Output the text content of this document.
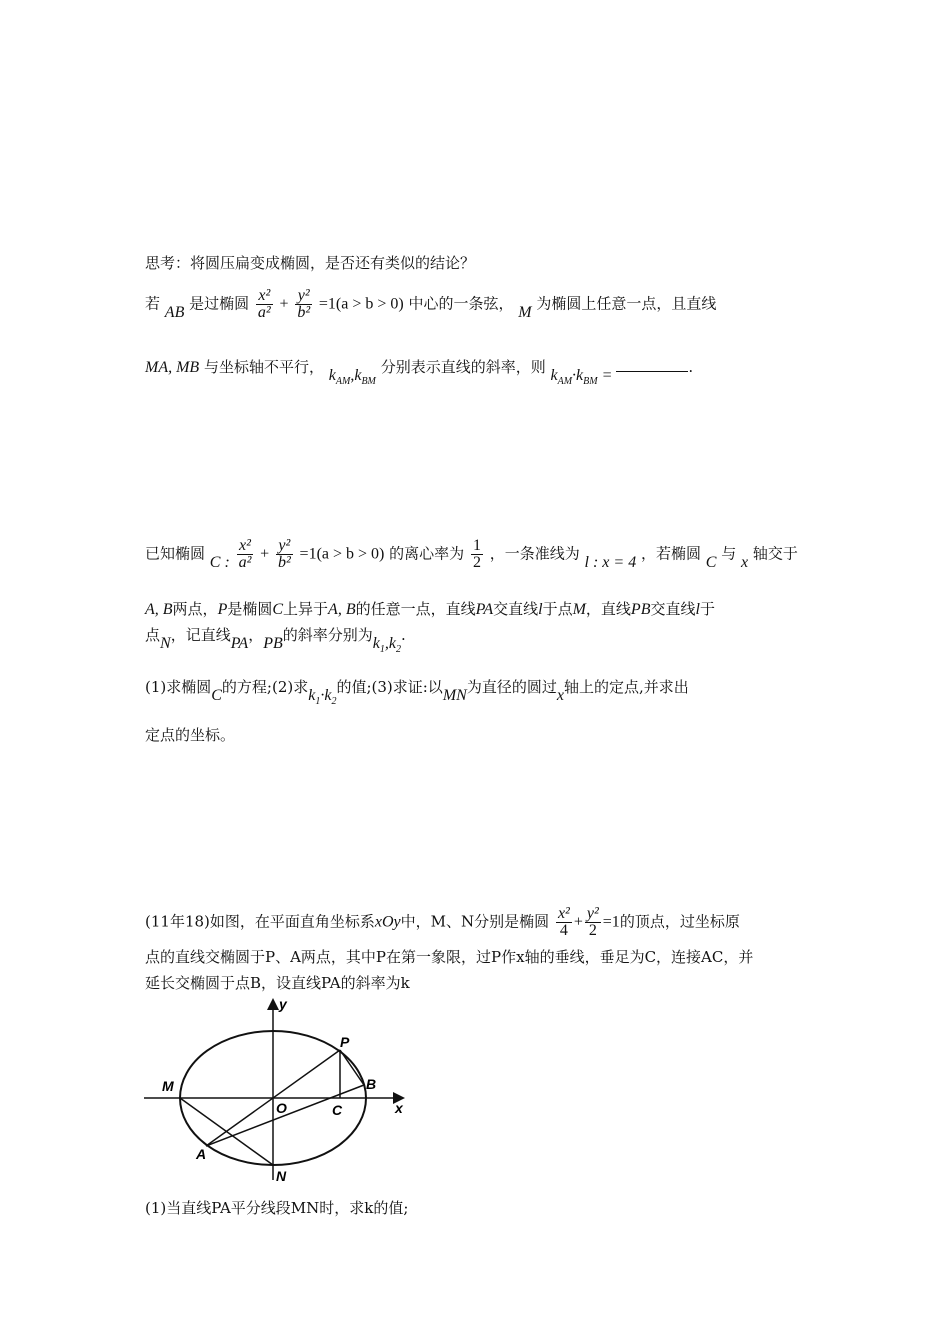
思考：将圆压扁变成椭圆，是否还有类似的结论？
若 AB 是过椭圆 $\frac{\text{x²}}{\text{a²}} + \frac{\text{y²}}{\text{b²}} =1(a > b > 0)$ 中心的一条弦， M 为椭圆上任意一点，且直线
MA, MB 与坐标轴不平行， $k_{AM},k_{BM}$ 分别表示直线的斜率，则 $k_{AM}\cdot k_{BM}$ =	.
已知椭圆 C : $\frac{\text{x²}}{\text{a²}} + \frac{\text{y²}}{\text{b²}} =1(a > b > 0)$ 的离心率为 $\frac{1}{2}$ ，一条准线为 l : x = 4 ，若椭圆 C 与 x 轴交于
A, B两点，P是椭圆C上异于A, B的任意一点，直线PA交直线l于点M，直线PB交直线l于
点N，记直线PA，PB的斜率分别为$k_1,k_2$.
(1)求椭圆C的方程;(2)求$k_1\cdot k_2$的值;(3)求证:以MN为直径的圆过x轴上的定点,并求出
定点的坐标。
(11年18)如图，在平面直角坐标系xOy中，M、N分别是椭圆 $\frac{\text{x²}}{4} + \frac{\text{y²}}{2} =1$的顶点，过坐标原
点的直线交椭圆于P、A两点，其中P在第一象限，过P作x轴的垂线，垂足为C，连接AC，并
延长交椭圆于点B，设直线PA的斜率为k
y
x
M
O	C
B
P
A
N
(1)当直线PA平分线段MN时，求k的值;
